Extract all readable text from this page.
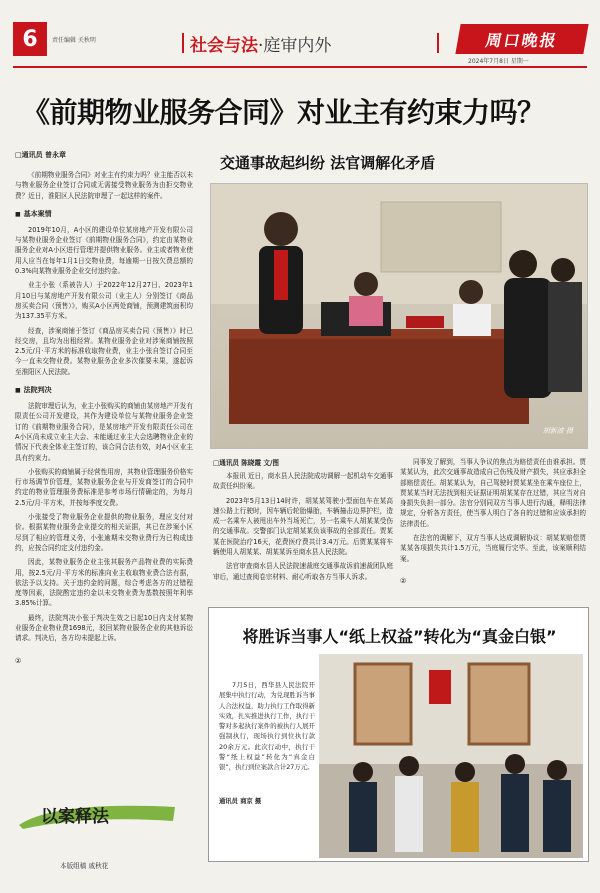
6	责任编辑 关秋明	社会与法·庭审内外	周口晚报
2024年7月8日 星期一
《前期物业服务合同》对业主有约束力吗？
交通事故起纠纷 法官调解化矛盾
□通讯员 曾永章

《前期物业服务合同》对业主有约束力吗？业主能否以未与物业服务企业签订合同或无需接受物业服务为由拒交物业费？近日，淮阳区人民法院审理了一起这样的案件。

■ 基本案情

2019年10月，A小区的建设单位某房地产开发有限公司与某物业服务企业签订《前期物业服务合同》，约定由某物业服务企业对A小区进行管理并提供物业服务。业主或者物业使用人应当在每年1月1日交物业费，每逾期一日按欠费总额的0.3%向某物业服务企业交付违约金。

业主小张（系被告人）于2022年12月27日、2023年1月10日与某房地产开发有限公司（业主人）分别签订《商品房买卖合同（预售）》，购买A小区两处商铺，预测建筑面积均为137.35平方米。

经查，涉案商铺于签订《商品房买卖合同（预售）》时已经交房，且均为出租经营。某物业服务企业对涉案商铺按照2.5元/月·平方米的标准收取物业费，业主小张自签订合同至今一直未交物业费。某物业服务企业多次催要未果，遂起诉至淮阳区人民法院。

■ 法院判决

法院审理后认为，业主小张购买的商铺由某房地产开发有限责任公司开发建设，其作为建设单位与某物业服务企业签订的《前期物业服务合同》，是某房地产开发有限责任公司在A小区尚未成立业主大会、未能通过业主大会选聘物业企业的情况下代表全体业主签订的，该合同合法有效，对A小区业主具有约束力。

小张购买的商铺属于经营性用房，其物业管理服务价格实行市场调节价管理，某物业服务企业与开发商签订的合同中约定的物业管理服务费标准是参考市场行情确定的，为每月2.5元/月·平方米，并按每季度交费。

小张接受了物业服务企业提供的物业服务，理应支付对价。根据某物业服务企业提交的相关证据，其已在涉案小区尽到了相应的管理义务，小张逾期未交物业费行为已构成违约，应按合同约定支付违约金。

因此，某物业服务企业主张其服务产品物业费的实际费用，按2.5元/月·平方米的标准向业主收取物业费合法有据，依法予以支持。关于违约金的问题，综合考虑各方的过错程度等因素，法院酌定违约金以未交物业费为基数按照年利率3.85%计算。

最终，法院判决小张于判决生效之日起10日内支付某物业服务企业物业费1698元，驳回某物业服务企业的其他诉讼请求。判决后，各方均未提起上诉。

②
胡新波 摄
□通讯员 陈晓霞 文/图

本报讯 近日，商水县人民法院成功调解一起机动车交通事故责任纠纷案。

2023年5月13日14时许，胡某某驾驶小型面包车在某高速公路上行驶时，因车辆后轮胎爆胎，车辆撞击边界护栏，造成一名乘车人被甩出车外当场死亡，另一名乘车人胡某某受伤的交通事故。交警部门认定胡某某负该事故的全部责任。贾某某在医院治疗16天，花费医疗费共计3.4万元。后贾某某将车辆使用人胡某某、胡某某诉至商水县人民法院。

法官审查商水县人民法院速裁庭交通事故诉前速裁团队庭审后，通过查阅卷宗材料、耐心听取各方当事人诉求。

同事发了解到，当事人争议的焦点为赔偿责任由谁承担。贾某某认为，此次交通事故造成自己伤残及财产损失，其应承担全部赔偿责任。胡某某认为，自己驾驶时贾某某坐在乘车座位上，贾某某当时无法找到相关证据证明胡某某存在过错，其应当对自身损失负担一部分。法官分别同双方当事人进行沟通，释明法律规定，分析各方责任，使当事人明白了各自的过错和应该承担的法律责任。

在法官的调解下，双方当事人达成调解协议：胡某某赔偿贾某某各项损失共计1.5万元，当庭履行完毕。至此，该案顺利结案。

②
将胜诉当事人“纸上权益”转化为“真金白银”

7月5日，西华县人民法院开展集中执行行动，为兑现胜诉当事人合法权益，助力执行工作取得新实效，扎实推进执行工作，执行干警对多起执行案件的被执行人展开强制执行，现场执行到位执行款20余万元。此次行动中，执行干警“纸上权益”转化为“真金白银”，执行到位案款合计27万元。

通讯员 商京 摄
以案释法
本版组稿 戚秋花
